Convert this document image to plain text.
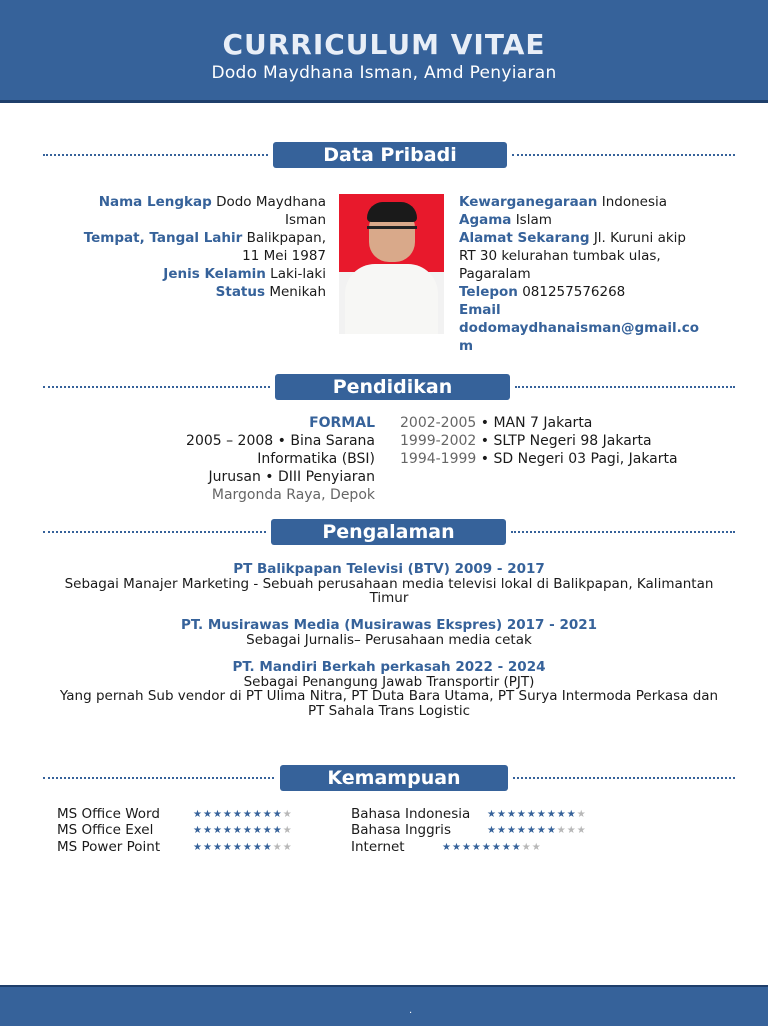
CURRICULUM VITAE
Dodo Maydhana Isman, Amd Penyiaran
Data Pribadi
Nama Lengkap Dodo Maydhana
Isman
Tempat, Tangal Lahir Balikpapan,
11 Mei 1987
Jenis Kelamin Laki-laki
Status Menikah
Kewarganegaraan Indonesia
Agama Islam
Alamat Sekarang Jl. Kuruni akip
RT 30 kelurahan tumbak ulas,
Pagaralam
Telepon 081257576268
Email
dodomaydhanaisman@gmail.co
m
Pendidikan
FORMAL
2005 – 2008 • Bina Sarana
Informatika (BSI)
Jurusan • DIII Penyiaran
Margonda Raya, Depok
2002-2005 • MAN 7 Jakarta
1999-2002 • SLTP Negeri 98 Jakarta
1994-1999 • SD Negeri 03 Pagi, Jakarta
Pengalaman
PT Balikpapan Televisi (BTV) 2009 - 2017
Sebagai Manajer Marketing - Sebuah perusahaan media televisi lokal di Balikpapan, Kalimantan
Timur
PT. Musirawas Media (Musirawas Ekspres) 2017 - 2021
Sebagai Jurnalis– Perusahaan media cetak
PT. Mandiri Berkah perkasah 2022 - 2024
Sebagai Penangung Jawab Transportir (PJT)
Yang pernah Sub vendor di PT Ulima Nitra, PT Duta Bara Utama, PT Surya Intermoda Perkasa dan
PT Sahala Trans Logistic
Kemampuan
MS Office Word	★★★★★★★★★★
MS Office Exel	★★★★★★★★★★
MS Power Point	★★★★★★★★★★
Bahasa Indonesia ★★★★★★★★★★
Bahasa Inggris	★★★★★★★★★★
Internet	★★★★★★★★★★
.
